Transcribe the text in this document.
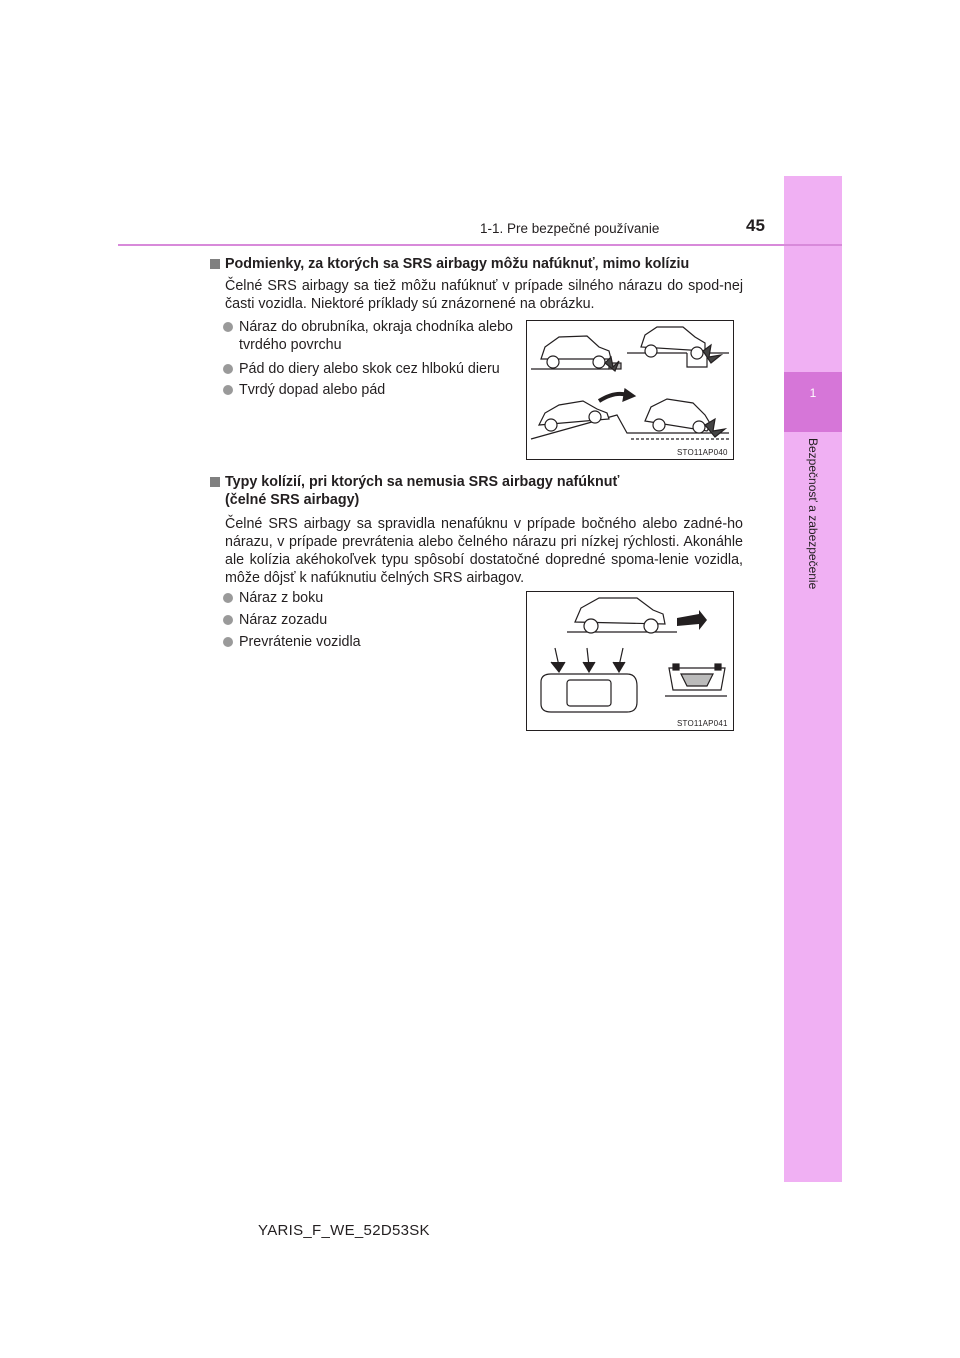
1
Bezpečnosť a zabezpečenie
1-1. Pre bezpečné používanie	45
Podmienky, za ktorých sa SRS airbagy môžu nafúknuť, mimo kolíziu
Čelné SRS airbagy sa tiež môžu nafúknuť v prípade silného nárazu do spod-nej časti vozidla. Niektoré príklady sú znázornené na obrázku.
Náraz do obrubníka, okraja chodníka alebo tvrdého povrchu
Pád do diery alebo skok cez hlbokú dieru
Tvrdý dopad alebo pád
STO11AP040
Typy kolízií, pri ktorých sa nemusia SRS airbagy nafúknuť
(čelné SRS airbagy)
Čelné SRS airbagy sa spravidla nenafúknu v prípade bočného alebo zadné-ho nárazu, v prípade prevrátenia alebo čelného nárazu pri nízkej rýchlosti. Akonáhle ale kolízia akéhokoľvek typu spôsobí dostatočné dopredné spoma-lenie vozidla, môže dôjsť k nafúknutiu čelných SRS airbagov.
Náraz z boku
Náraz zozadu
Prevrátenie vozidla
STO11AP041
YARIS_F_WE_52D53SK
